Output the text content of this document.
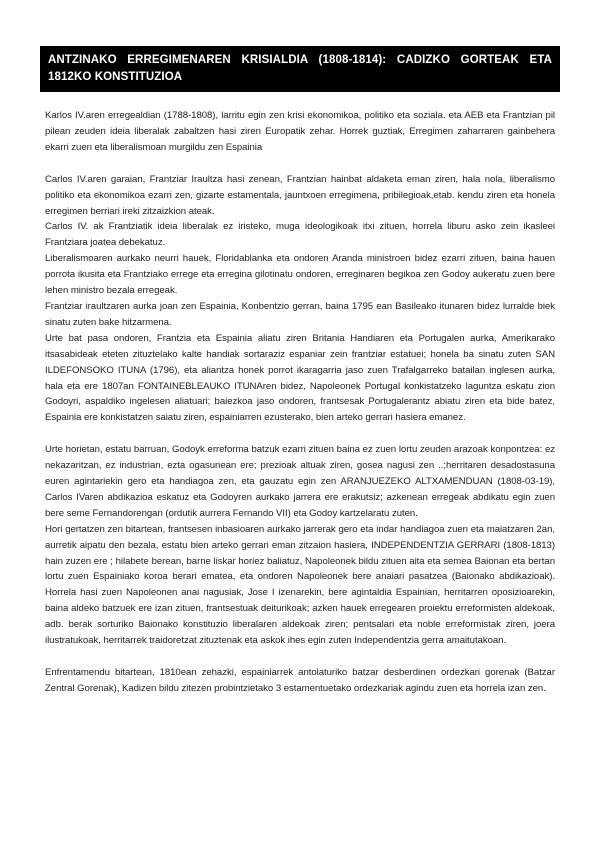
ANTZINAKO ERREGIMENAREN KRISIALDIA (1808-1814): CADIZKO GORTEAK ETA 1812KO KONSTITUZIOA

Karlos IV.aren erregealdian (1788-1808), larritu egin zen krisi ekonomikoa, politiko eta soziala. eta AEB eta Frantzian pil pilean zeuden ideia liberalak zabaltzen hasi ziren Europatik zehar. Horrek guztiak, Erregimen zaharraren gainbehera ekarri zuen eta liberalismoan murgildu zen Espainia

Carlos IV.aren garaian, Frantziar Iraultza hasi zenean, Frantzian hainbat aldaketa eman ziren, hala nola, liberalismo politiko eta ekonomikoa ezarri zen, gizarte estamentala, jauntxoen erregimena, pribilegioak,etab. kendu ziren eta honela erregimen berriari ireki zitzaizkion ateak.

Carlos IV. ak Frantziatik ideia liberalak ez iristeko, muga ideologikoak itxi zituen, horrela liburu asko zein ikasleei Frantziara joatea debekatuz.

Liberalismoaren aurkako neurri hauek, Floridablanka eta ondoren Aranda ministroen bidez ezarri zituen, baina hauen porrota ikusita eta Frantziako errege eta erregina gilotinatu ondoren, erreginaren begikoa zen Godoy aukeratu zuen bere lehen ministro bezala erregeak.

Frantziar iraultzaren aurka joan zen Espainia, Konbentzio gerran, baina 1795 ean Basileako itunaren bidez lurralde biek sinatu zuten bake hitzarmena.

Urte bat pasa ondoren, Frantzia eta Espainia aliatu ziren Britania Handiaren eta Portugalen aurka, Amerikarako itsasabideak eteten zituztelako kalte handiak sortaraziz espaniar zein frantziar estatuei; honela ba sinatu zuten SAN ILDEFONSOKO ITUNA (1796), eta aliantza honek porrot ikaragarria jaso zuen Trafalgarreko batailan inglesen aurka, hala eta ere 1807an FONTAINEBLEAUKO ITUNAren bidez, Napoleonek Portugal konkistatzeko laguntza eskatu zion Godoyri, aspaldiko ingelesen aliatuari; baiezkoa jaso ondoren, frantsesak Portugalerantz abiatu ziren eta bide batez, Espainia ere konkistatzen saiatu ziren, espainiarren ezusterako, bien arteko gerrari hasiera emanez.

Urte horietan, estatu barruan, Godoyk erreforma batzuk ezarri zituen baina ez zuen lortu zeuden arazoak konpontzea: ez nekazaritzan, ez industrian, ezta ogasunean ere; prezioak altuak ziren, gosea nagusi zen ..;herritaren desadostasuna euren agintariekin gero eta handiagoa zen, eta gauzatu egin zen ARANJUEZEKO ALTXAMENDUAN (1808-03-19), Carlos IVaren abdikazioa eskatuz eta Godoyren aurkako jarrera ere erakutsiz; azkenean erregeak abdikatu egin zuen bere seme Fernandorengan (ordutik aurrera Fernando VII) eta Godoy kartzelaratu zuten.

Hori gertatzen zen bitartean, frantsesen inbasioaren aurkako jarrerak gero eta indar handiagoa zuen eta maiatzaren 2an, aurretik aipatu den bezala, estatu bien arteko gerrari eman zitzaion hasiera, INDEPENDENTZIA GERRARI (1808-1813) hain zuzen ere ; hilabete berean, barne liskar horiez baliatuz, Napoleonek bildu zituen aita eta semea Baionan eta bertan lortu zuen Espainiako koroa berari ematea, eta ondoren Napoleonek bere anaiari pasatzea (Baionako abdikazioak). Horrela hasi zuen Napoleonen anai nagusiak, Jose I izenarekin, bere agintaldia Espainian, herritarren oposizioarekin, baina aldeko batzuek ere izan zituen, frantsestuak deiturikoak; azken hauek erregearen proiektu erreformisten aldekoak, adb. berak sorturiko Baionako konstituzio liberalaren aldekoak ziren; pentsalari eta noble erreformistak ziren, joera ilustratukoak, herritarrek traidoretzat zituztenak eta askok ihes egin zuten Independentzia gerra amaitutakoan.

Enfrentamendu bitartean, 1810ean zehazki, espainiarrek antolaturiko batzar desberdinen ordezkari gorenak (Batzar Zentral Gorenak), Kadizen bildu zitezen probintzietako 3 estamentuetako ordezkariak agindu zuen eta horrela izan zen.
